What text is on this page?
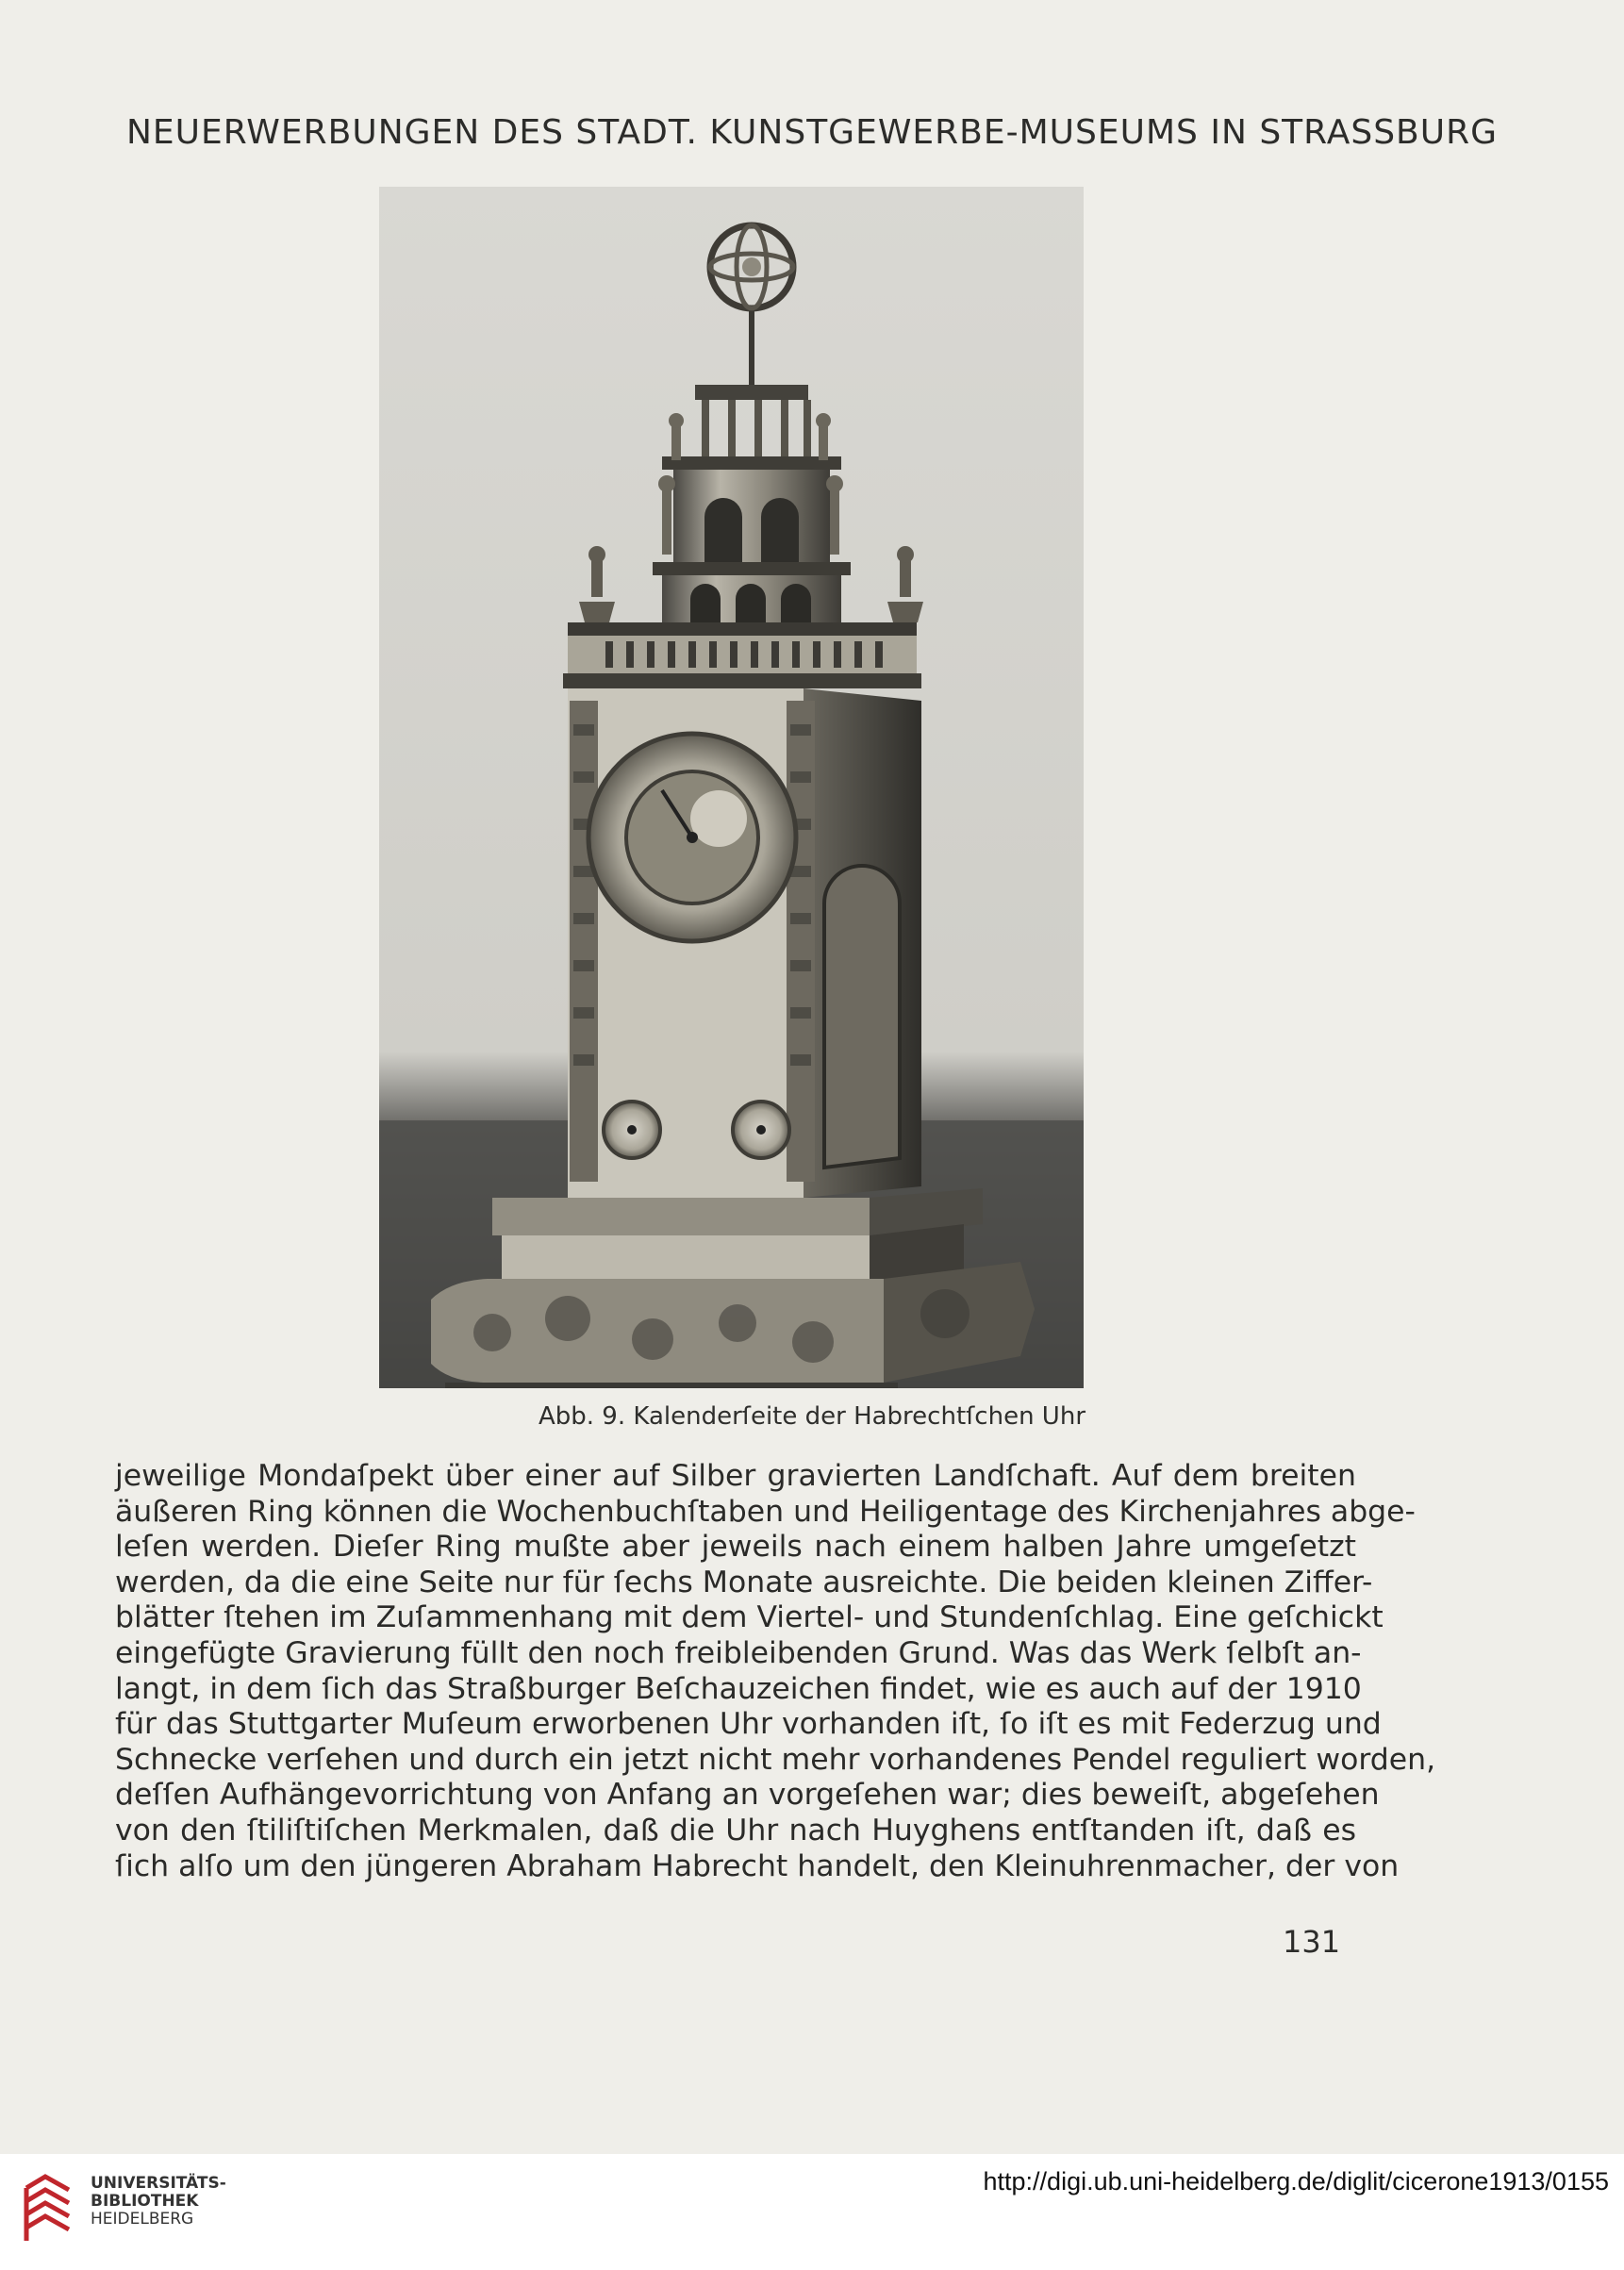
NEUERWERBUNGEN DES STADT. KUNSTGEWERBE-MUSEUMS IN STRASSBURG
Abb. 9. Kalenderſeite der Habrechtſchen Uhr
jeweilige Mondaſpekt über einer auf Silber gravierten Landſchaft. Auf dem breiten
äußeren Ring können die Wochenbuchſtaben und Heiligentage des Kirchenjahres abge-
leſen werden. Dieſer Ring mußte aber jeweils nach einem halben Jahre umgeſetzt
werden, da die eine Seite nur für ſechs Monate ausreichte. Die beiden kleinen Ziffer-
blätter ſtehen im Zuſammenhang mit dem Viertel- und Stundenſchlag. Eine geſchickt
eingefügte Gravierung füllt den noch freibleibenden Grund. Was das Werk ſelbſt an-
langt, in dem ſich das Straßburger Beſchauzeichen findet, wie es auch auf der 1910
für das Stuttgarter Muſeum erworbenen Uhr vorhanden iſt, ſo iſt es mit Federzug und
Schnecke verſehen und durch ein jetzt nicht mehr vorhandenes Pendel reguliert worden,
deſſen Aufhängevorrichtung von Anfang an vorgeſehen war; dies beweiſt, abgeſehen
von den ſtiliſtiſchen Merkmalen, daß die Uhr nach Huyghens entſtanden iſt, daß es
ſich alſo um den jüngeren Abraham Habrecht handelt, den Kleinuhrenmacher, der von
131
UNIVERSITÄTS-
BIBLIOTHEK
HEIDELBERG
http://digi.ub.uni-heidelberg.de/diglit/cicerone1913/0155
